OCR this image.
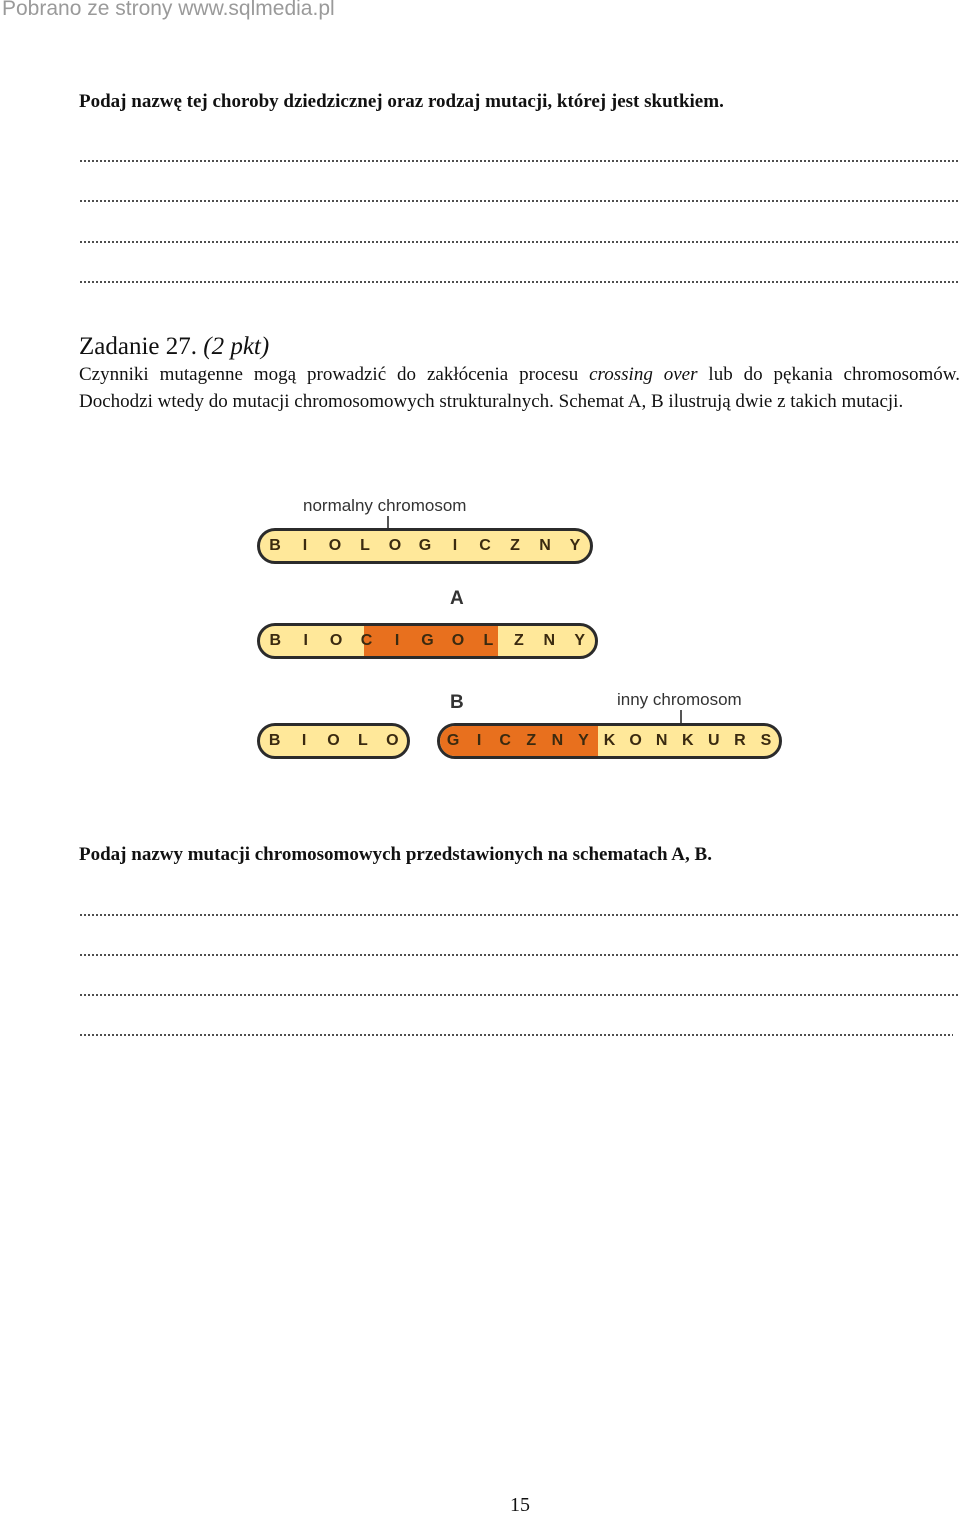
Pobrano ze strony www.sqlmedia.pl
Podaj nazwę tej choroby dziedzicznej oraz rodzaj mutacji, której jest skutkiem.
Zadanie 27. (2 pkt)
Czynniki mutagenne mogą prowadzić do zakłócenia procesu crossing over lub do pękania chromosomów. Dochodzi wtedy do mutacji chromosomowych strukturalnych. Schemat A, B ilustrują dwie z takich mutacji.
normalny chromosom
B	I	O	L	O	G	I	C	Z	N	Y
A
B	I	O	C	I	G	O	L	Z	N	Y
B	inny chromosom
B	I	O	L	O	G	I	C Z N Y K O N K U R S
Podaj nazwy mutacji chromosomowych przedstawionych na schematach A, B.
15
